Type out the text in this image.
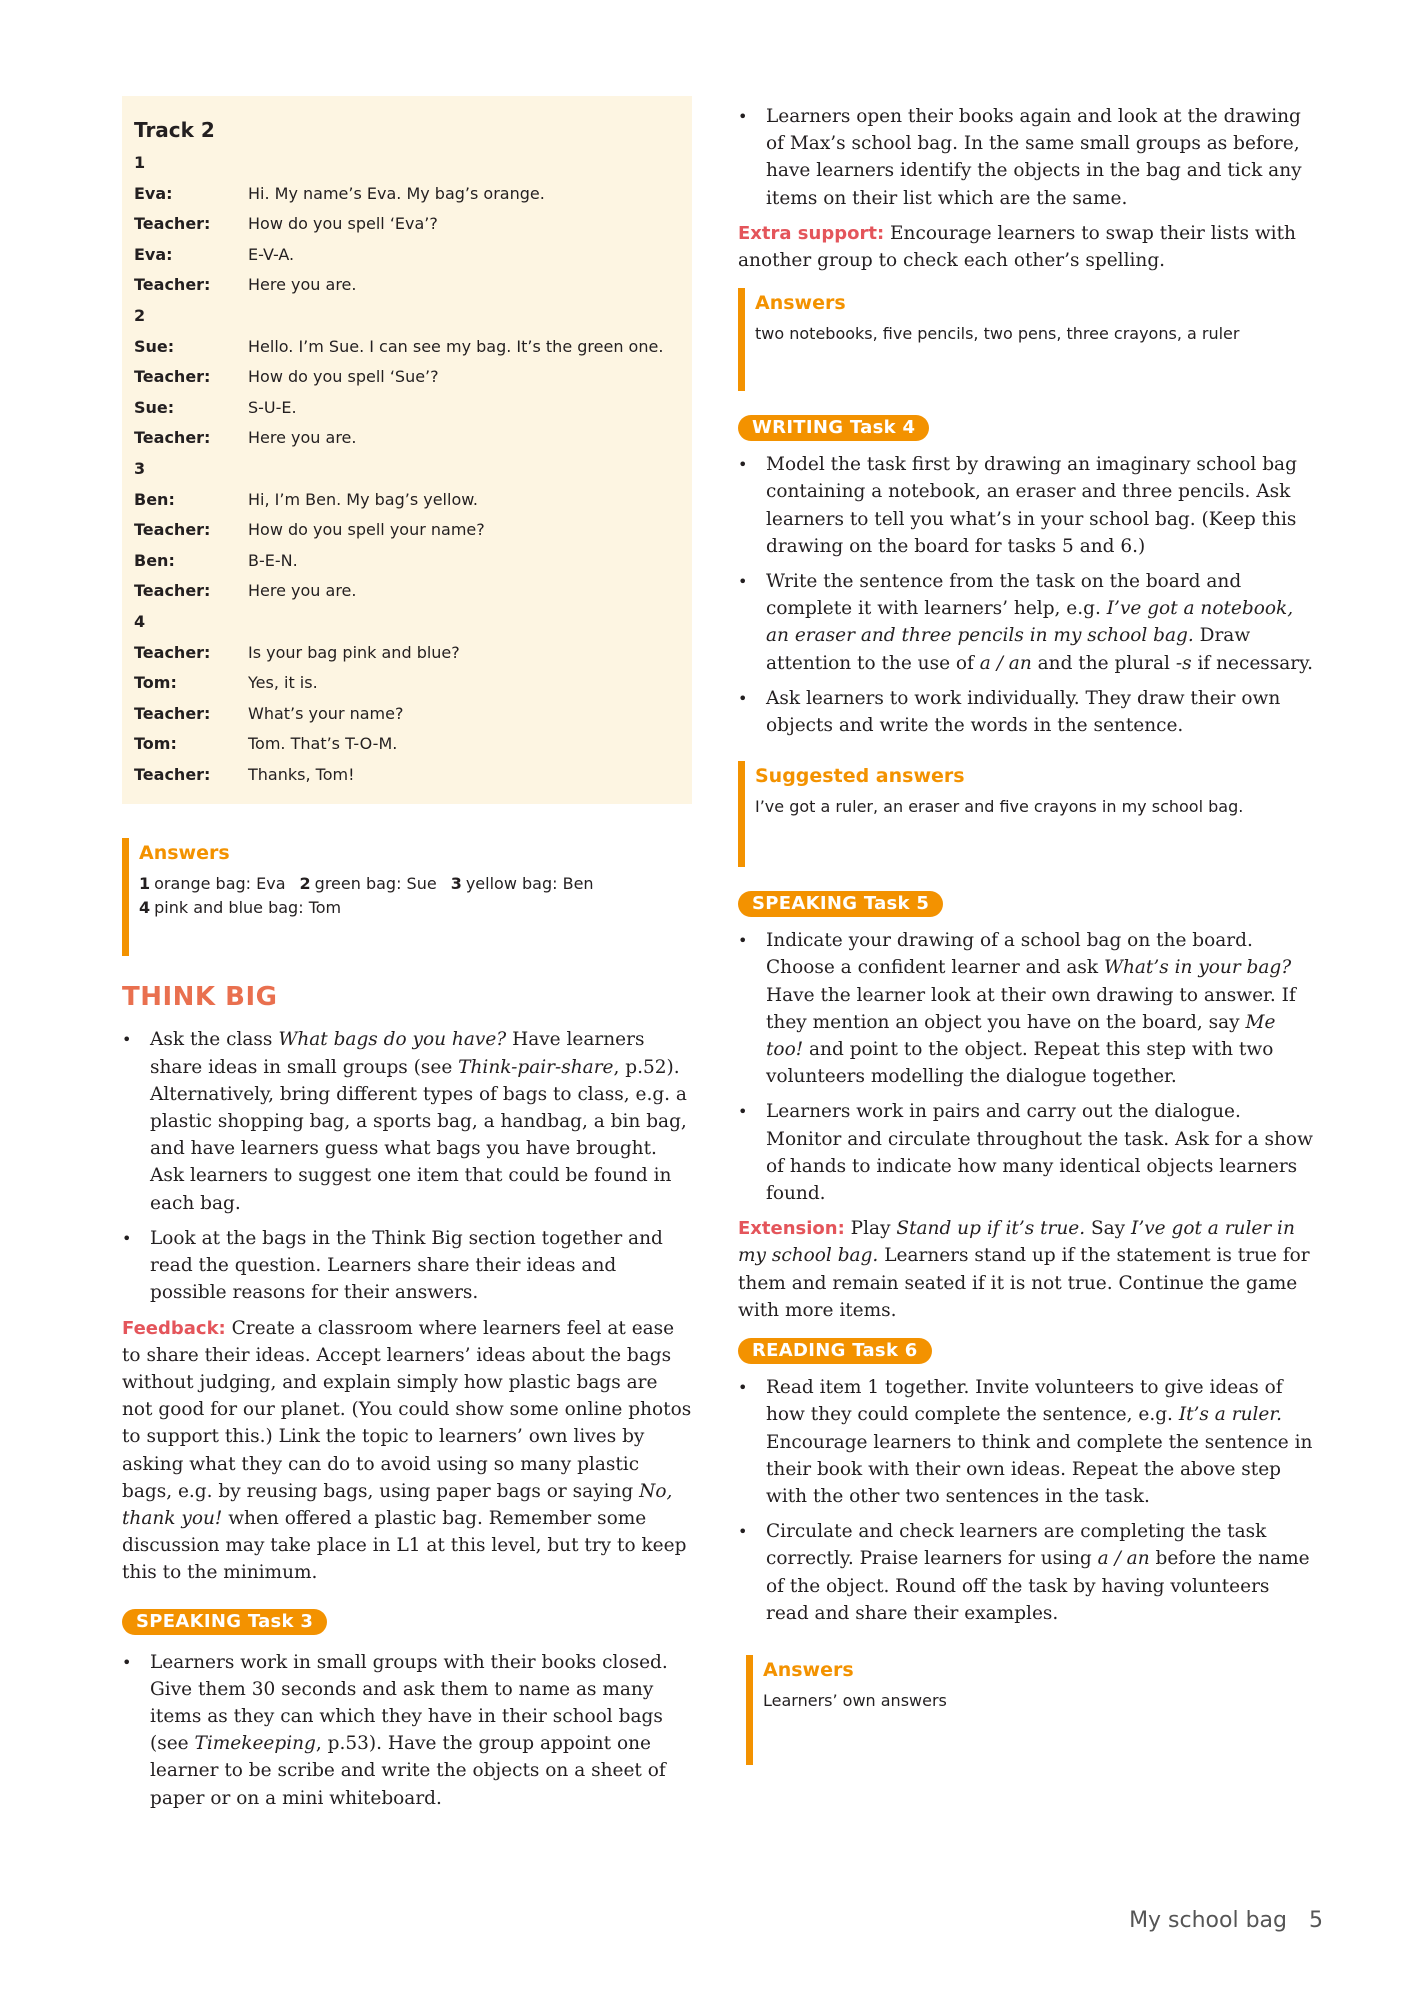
Track 2
1
Eva:	Hi. My name’s Eva. My bag’s orange.
Teacher:	How do you spell ‘Eva’?
Eva:	E-V-A.
Teacher:	Here you are.
2
Sue:	Hello. I’m Sue. I can see my bag. It’s the green one.
Teacher:	How do you spell ‘Sue’?
Sue:	S-U-E.
Teacher:	Here you are.
3
Ben:	Hi, I’m Ben. My bag’s yellow.
Teacher:	How do you spell your name?
Ben:	B-E-N.
Teacher:	Here you are.
4
Teacher:	Is your bag pink and blue?
Tom:	Yes, it is.
Teacher:	What’s your name?
Tom:	Tom. That’s T-O-M.
Teacher:	Thanks, Tom!
Answers
1 orange bag: Eva 2 green bag: Sue 3 yellow bag: Ben
4 pink and blue bag: Tom
THINK BIG
• Ask the class What bags do you have? Have learners share ideas in small groups (see Think-pair-share, p.52). Alternatively, bring different types of bags to class, e.g. a plastic shopping bag, a sports bag, a handbag, a bin bag, and have learners guess what bags you have brought. Ask learners to suggest one item that could be found in each bag.
• Look at the bags in the Think Big section together and read the question. Learners share their ideas and possible reasons for their answers.

Feedback: Create a classroom where learners feel at ease to share their ideas. Accept learners’ ideas about the bags without judging, and explain simply how plastic bags are not good for our planet. (You could show some online photos to support this.) Link the topic to learners’ own lives by asking what they can do to avoid using so many plastic bags, e.g. by reusing bags, using paper bags or saying No, thank you! when offered a plastic bag. Remember some discussion may take place in L1 at this level, but try to keep this to the minimum.

SPEAKING Task 3
• Learners work in small groups with their books closed. Give them 30 seconds and ask them to name as many items as they can which they have in their school bags (see Timekeeping, p.53). Have the group appoint one learner to be scribe and write the objects on a sheet of paper or on a mini whiteboard.
• Learners open their books again and look at the drawing of Max’s school bag. In the same small groups as before, have learners identify the objects in the bag and tick any items on their list which are the same.

Extra support: Encourage learners to swap their lists with another group to check each other’s spelling.

Answers
two notebooks, five pencils, two pens, three crayons, a ruler
WRITING Task 4
• Model the task first by drawing an imaginary school bag containing a notebook, an eraser and three pencils. Ask learners to tell you what’s in your school bag. (Keep this drawing on the board for tasks 5 and 6.)
• Write the sentence from the task on the board and complete it with learners’ help, e.g. I’ve got a notebook, an eraser and three pencils in my school bag. Draw attention to the use of a / an and the plural -s if necessary.
• Ask learners to work individually. They draw their own objects and write the words in the sentence.
Suggested answers
I’ve got a ruler, an eraser and five crayons in my school bag.
SPEAKING Task 5
• Indicate your drawing of a school bag on the board. Choose a confident learner and ask What’s in your bag? Have the learner look at their own drawing to answer. If they mention an object you have on the board, say Me too! and point to the object. Repeat this step with two volunteers modelling the dialogue together.
• Learners work in pairs and carry out the dialogue. Monitor and circulate throughout the task. Ask for a show of hands to indicate how many identical objects learners found.

Extension: Play Stand up if it’s true. Say I’ve got a ruler in my school bag. Learners stand up if the statement is true for them and remain seated if it is not true. Continue the game with more items.

READING Task 6
• Read item 1 together. Invite volunteers to give ideas of how they could complete the sentence, e.g. It’s a ruler. Encourage learners to think and complete the sentence in their book with their own ideas. Repeat the above step with the other two sentences in the task.
• Circulate and check learners are completing the task correctly. Praise learners for using a / an before the name of the object. Round off the task by having volunteers read and share their examples.
Answers
Learners’ own answers
My school bag 5
